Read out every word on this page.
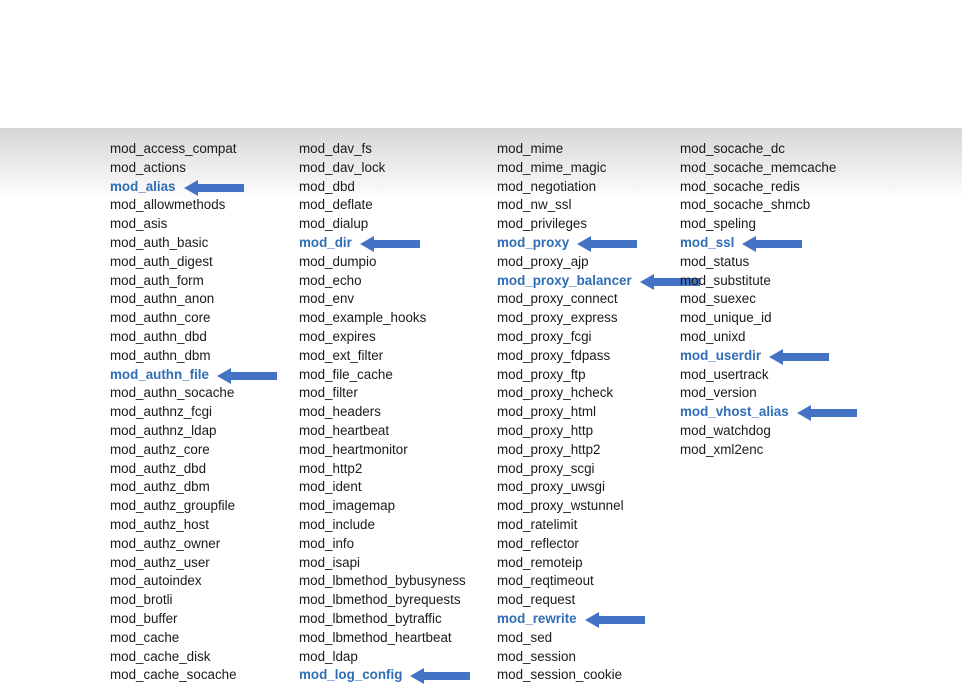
mod_access_compat
mod_actions
mod_alias
mod_allowmethods
mod_asis
mod_auth_basic
mod_auth_digest
mod_auth_form
mod_authn_anon
mod_authn_core
mod_authn_dbd
mod_authn_dbm
mod_authn_file
mod_authn_socache
mod_authnz_fcgi
mod_authnz_ldap
mod_authz_core
mod_authz_dbd
mod_authz_dbm
mod_authz_groupfile
mod_authz_host
mod_authz_owner
mod_authz_user
mod_autoindex
mod_brotli
mod_buffer
mod_cache
mod_cache_disk
mod_cache_socache
mod_dav_fs
mod_dav_lock
mod_dbd
mod_deflate
mod_dialup
mod_dir
mod_dumpio
mod_echo
mod_env
mod_example_hooks
mod_expires
mod_ext_filter
mod_file_cache
mod_filter
mod_headers
mod_heartbeat
mod_heartmonitor
mod_http2
mod_ident
mod_imagemap
mod_include
mod_info
mod_isapi
mod_lbmethod_bybusyness
mod_lbmethod_byrequests
mod_lbmethod_bytraffic
mod_lbmethod_heartbeat
mod_ldap
mod_log_config
mod_mime
mod_mime_magic
mod_negotiation
mod_nw_ssl
mod_privileges
mod_proxy
mod_proxy_ajp
mod_proxy_balancer
mod_proxy_connect
mod_proxy_express
mod_proxy_fcgi
mod_proxy_fdpass
mod_proxy_ftp
mod_proxy_hcheck
mod_proxy_html
mod_proxy_http
mod_proxy_http2
mod_proxy_scgi
mod_proxy_uwsgi
mod_proxy_wstunnel
mod_ratelimit
mod_reflector
mod_remoteip
mod_reqtimeout
mod_request
mod_rewrite
mod_sed
mod_session
mod_session_cookie
mod_socache_dc
mod_socache_memcache
mod_socache_redis
mod_socache_shmcb
mod_speling
mod_ssl
mod_status
mod_substitute
mod_suexec
mod_unique_id
mod_unixd
mod_userdir
mod_usertrack
mod_version
mod_vhost_alias
mod_watchdog
mod_xml2enc
